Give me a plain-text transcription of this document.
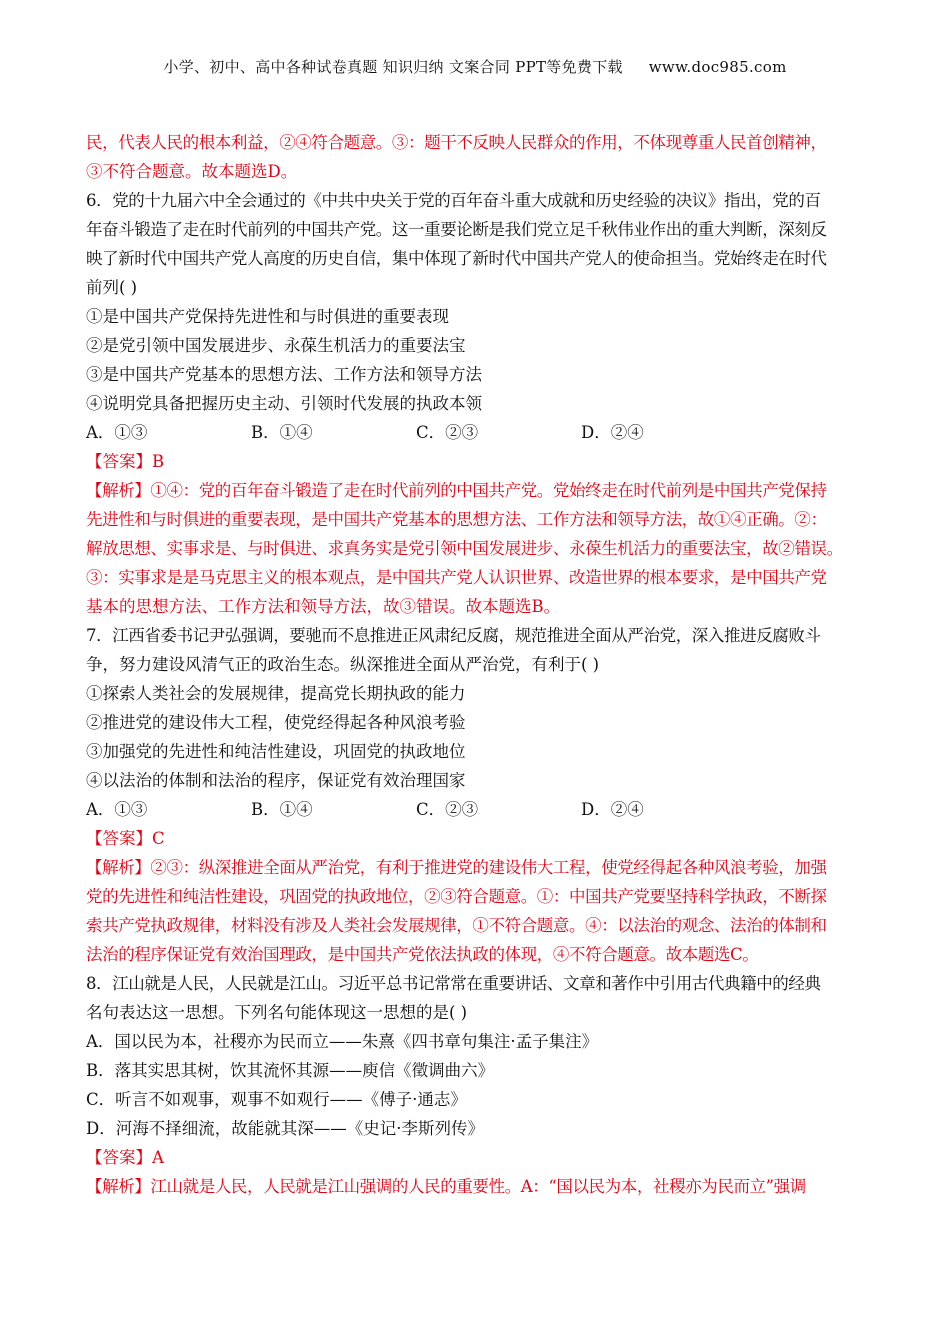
小学、初中、高中各种试卷真题 知识归纳 文案合同 PPT等免费下载 www.doc985.com
民，代表人民的根本利益，②④符合题意。③：题干不反映人民群众的作用，不体现尊重人民首创精神，
③不符合题意。故本题选D。
6．党的十九届六中全会通过的《中共中央关于党的百年奋斗重大成就和历史经验的决议》指出，党的百
年奋斗锻造了走在时代前列的中国共产党。这一重要论断是我们党立足千秋伟业作出的重大判断，深刻反
映了新时代中国共产党人高度的历史自信，集中体现了新时代中国共产党人的使命担当。党始终走在时代
前列( )
①是中国共产党保持先进性和与时俱进的重要表现
②是党引领中国发展进步、永葆生机活力的重要法宝
③是中国共产党基本的思想方法、工作方法和领导方法
④说明党具备把握历史主动、引领时代发展的执政本领
A．①③	B．①④	C．②③	D．②④
【答案】B
【解析】①④：党的百年奋斗锻造了走在时代前列的中国共产党。党始终走在时代前列是中国共产党保持
先进性和与时俱进的重要表现，是中国共产党基本的思想方法、工作方法和领导方法，故①④正确。②：
解放思想、实事求是、与时俱进、求真务实是党引领中国发展进步、永葆生机活力的重要法宝，故②错误。
③：实事求是是马克思主义的根本观点，是中国共产党人认识世界、改造世界的根本要求，是中国共产党
基本的思想方法、工作方法和领导方法，故③错误。故本题选B。
7．江西省委书记尹弘强调，要驰而不息推进正风肃纪反腐，规范推进全面从严治党，深入推进反腐败斗
争，努力建设风清气正的政治生态。纵深推进全面从严治党，有利于( )
①探索人类社会的发展规律，提高党长期执政的能力
②推进党的建设伟大工程，使党经得起各种风浪考验
③加强党的先进性和纯洁性建设，巩固党的执政地位
④以法治的体制和法治的程序，保证党有效治理国家
A．①③	B．①④	C．②③	D．②④
【答案】C
【解析】②③：纵深推进全面从严治党，有利于推进党的建设伟大工程，使党经得起各种风浪考验，加强
党的先进性和纯洁性建设，巩固党的执政地位，②③符合题意。①：中国共产党要坚持科学执政，不断探
索共产党执政规律，材料没有涉及人类社会发展规律，①不符合题意。④：以法治的观念、法治的体制和
法治的程序保证党有效治国理政，是中国共产党依法执政的体现，④不符合题意。故本题选C。
8．江山就是人民，人民就是江山。习近平总书记常常在重要讲话、文章和著作中引用古代典籍中的经典
名句表达这一思想。下列名句能体现这一思想的是( )
A．国以民为本，社稷亦为民而立——朱熹《四书章句集注·孟子集注》
B．落其实思其树，饮其流怀其源——庾信《徵调曲六》
C．听言不如观事，观事不如观行——《傅子·通志》
D．河海不择细流，故能就其深——《史记·李斯列传》
【答案】A
【解析】江山就是人民，人民就是江山强调的人民的重要性。A：“国以民为本，社稷亦为民而立”强调
